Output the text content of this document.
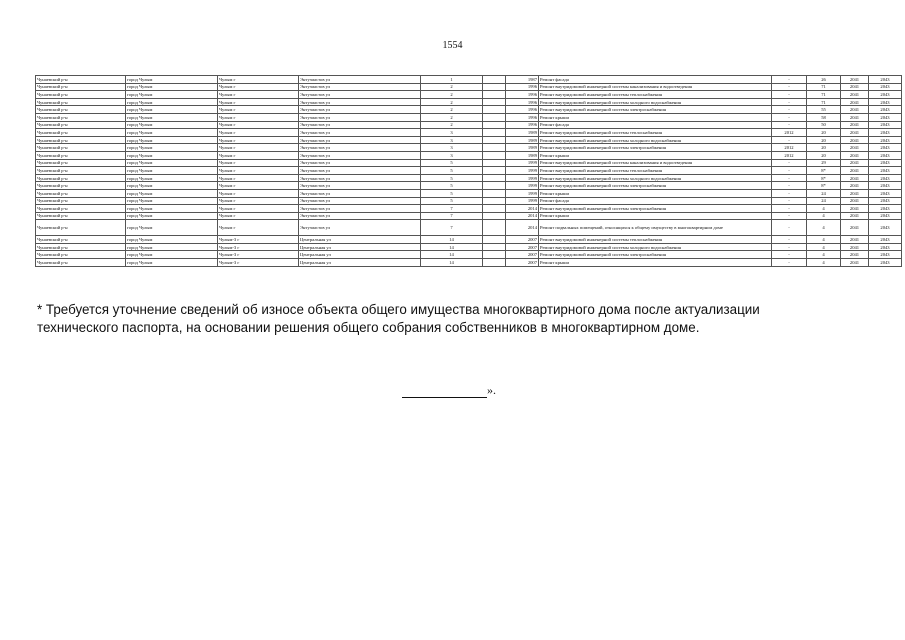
1554
Чунаевский р-н	город Чулым	Чулым г	Энтузиастов ул	1		1987	Ремонт фасада	-	26	2041	2043
Чунаевский р-н	город Чулым	Чулым г	Энтузиастов ул	2		1996	Ремонт внутридомовой инженерной системы канализования и водоотведения	-	71	2041	2043
Чунаевский р-н	город Чулым	Чулым г	Энтузиастов ул	2		1996	Ремонт внутридомовой инженерной системы теплоснабжения	-	71	2041	2043
Чунаевский р-н	город Чулым	Чулым г	Энтузиастов ул	2		1996	Ремонт внутридомовой инженерной системы холодного водоснабжения	-	71	2041	2043
Чунаевский р-н	город Чулым	Чулым г	Энтузиастов ул	2		1996	Ремонт внутридомовой инженерной системы электроснабжения	-	55	2041	2043
Чунаевский р-н	город Чулым	Чулым г	Энтузиастов ул	2		1996	Ремонт крыши	-	58	2041	2043
Чунаевский р-н	город Чулым	Чулым г	Энтузиастов ул	2		1996	Ремонт фасада	-	50	2041	2043
Чунаевский р-н	город Чулым	Чулым г	Энтузиастов ул	3		1989	Ремонт внутридомовой инженерной системы теплоснабжения	2012	20	2041	2043
Чунаевский р-н	город Чулым	Чулым г	Энтузиастов ул	3		1989	Ремонт внутридомовой инженерной системы холодного водоснабжения	-	20	2041	2043
Чунаевский р-н	город Чулым	Чулым г	Энтузиастов ул	3		1989	Ремонт внутридомовой инженерной системы электроснабжения	2012	20	2041	2043
Чунаевский р-н	город Чулым	Чулым г	Энтузиастов ул	3		1989	Ремонт крыши	2012	20	2041	2043
Чунаевский р-н	город Чулым	Чулым г	Энтузиастов ул	5		1999	Ремонт внутридомовой инженерной системы канализования и водоотведения	-	29	2041	2043
Чунаевский р-н	город Чулым	Чулым г	Энтузиастов ул	5		1999	Ремонт внутридомовой инженерной системы теплоснабжения	-	8*	2041	2043
Чунаевский р-н	город Чулым	Чулым г	Энтузиастов ул	5		1999	Ремонт внутридомовой инженерной системы холодного водоснабжения	-	8*	2041	2043
Чунаевский р-н	город Чулым	Чулым г	Энтузиастов ул	5		1999	Ремонт внутридомовой инженерной системы электроснабжения	-	8*	2041	2043
Чунаевский р-н	город Чулым	Чулым г	Энтузиастов ул	5		1999	Ремонт крыши	-	24	2041	2043
Чунаевский р-н	город Чулым	Чулым г	Энтузиастов ул	5		1999	Ремонт фасада	-	24	2041	2043
Чунаевский р-н	город Чулым	Чулым г	Энтузиастов ул	7		2014	Ремонт внутридомовой инженерной системы электроснабжения	-	4	2041	2043
Чунаевский р-н	город Чулым	Чулым г	Энтузиастов ул	7		2014	Ремонт крыши	-	4	2041	2043
Чунаевский р-н	город Чулым	Чулым г	Энтузиастов ул	7		2014	Ремонт подвальных помещений, относящихся к общему имуществу в многоквартирном доме	-	4	2041	2043
Чунаевский р-н	город Чулым	Чулым-3 г	Центральная ул	14		2007	Ремонт внутридомовой инженерной системы теплоснабжения	-	4	2041	2043
Чунаевский р-н	город Чулым	Чулым-3 г	Центральная ул	14		2007	Ремонт внутридомовой инженерной системы холодного водоснабжения	-	4	2041	2043
Чунаевский р-н	город Чулым	Чулым-3 г	Центральная ул	14		2007	Ремонт внутридомовой инженерной системы электроснабжения	-	4	2041	2043
Чунаевский р-н	город Чулым	Чулым-3 г	Центральная ул	14		2007	Ремонт крыши	-	4	2041	2043
* Требуется уточнение сведений об износе объекта общего имущества многоквартирного дома после актуализации технического паспорта, на основании решения общего собрания собственников в многоквартирном доме.
».
